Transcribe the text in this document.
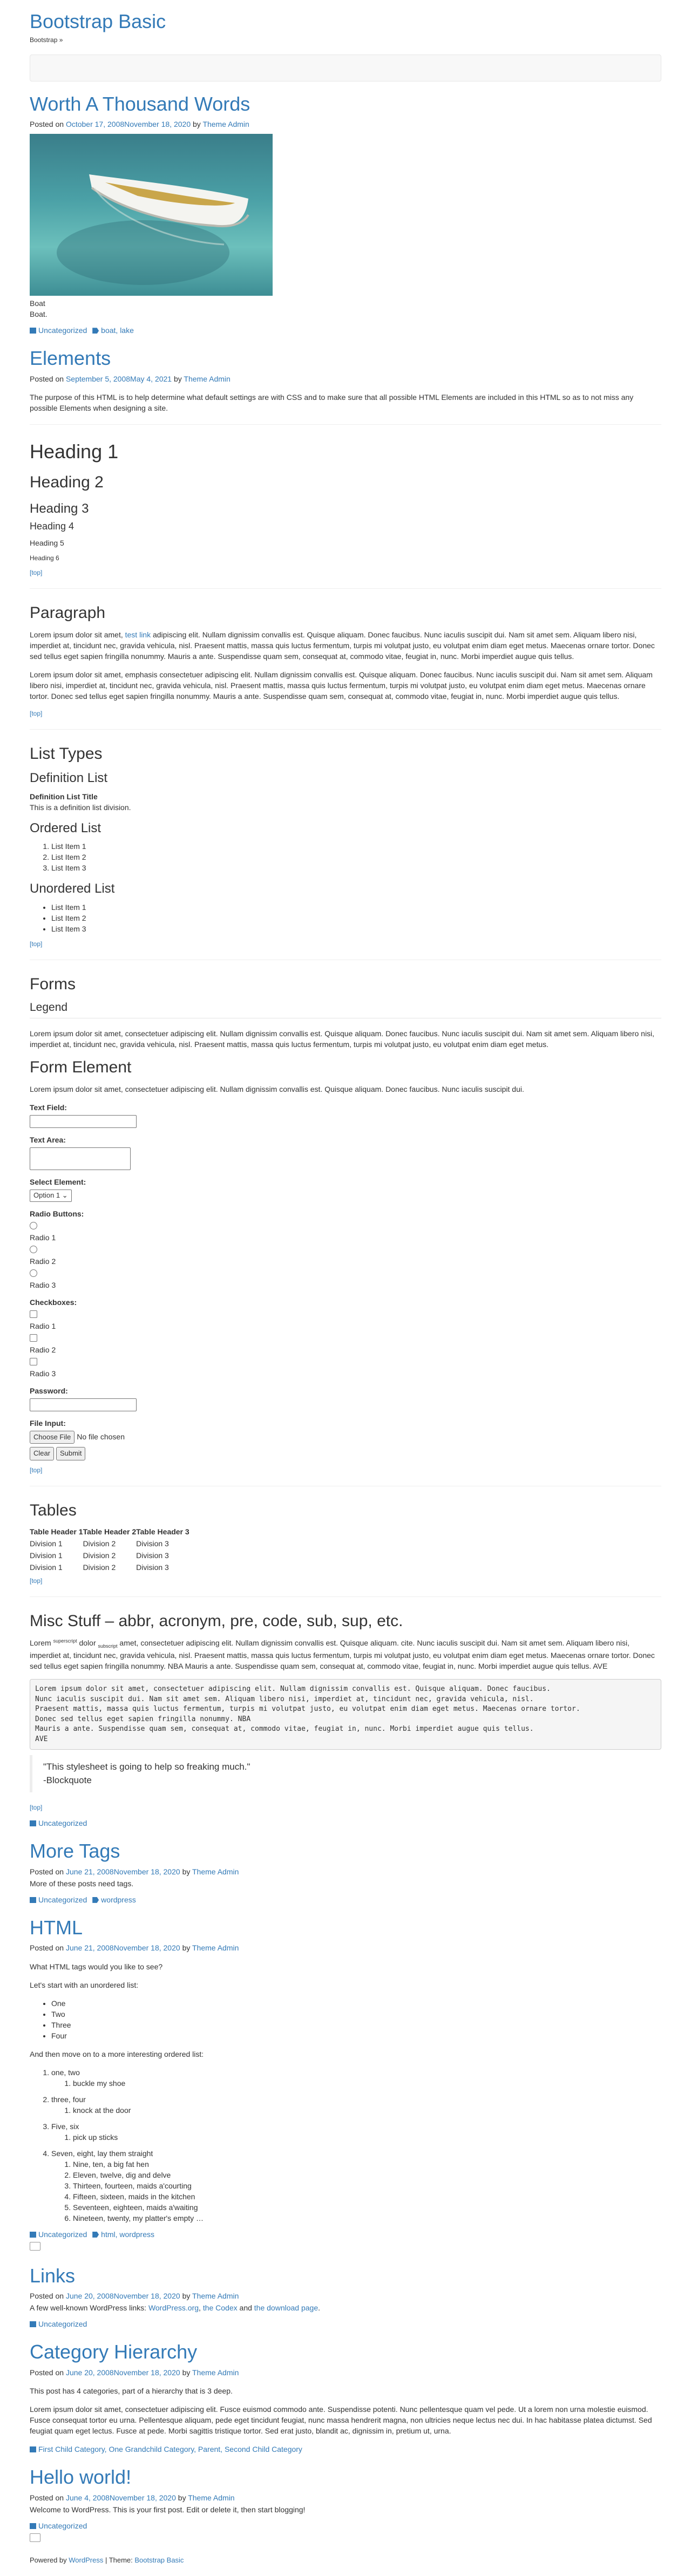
Bootstrap Basic
Bootstrap »
Worth A Thousand Words
Posted on October 17, 2008November 18, 2020 by Theme Admin
Boat
Boat.
Uncategorized boat, lake
Elements
Posted on September 5, 2008May 4, 2021 by Theme Admin

The purpose of this HTML is to help determine what default settings are with CSS and to make sure that all possible HTML Elements are included in this HTML so as to not miss any possible Elements when designing a site.

Heading 1
Heading 2
Heading 3
Heading 4
Heading 5
Heading 6
[top]
Paragraph

Lorem ipsum dolor sit amet, test link adipiscing elit. Nullam dignissim convallis est. Quisque aliquam. Donec faucibus. Nunc iaculis suscipit dui. Nam sit amet sem. Aliquam libero nisi, imperdiet at, tincidunt nec, gravida vehicula, nisl. Praesent mattis, massa quis luctus fermentum, turpis mi volutpat justo, eu volutpat enim diam eget metus. Maecenas ornare tortor. Donec sed tellus eget sapien fringilla nonummy. Mauris a ante. Suspendisse quam sem, consequat at, commodo vitae, feugiat in, nunc. Morbi imperdiet augue quis tellus.

Lorem ipsum dolor sit amet, emphasis consectetuer adipiscing elit. Nullam dignissim convallis est. Quisque aliquam. Donec faucibus. Nunc iaculis suscipit dui. Nam sit amet sem. Aliquam libero nisi, imperdiet at, tincidunt nec, gravida vehicula, nisl. Praesent mattis, massa quis luctus fermentum, turpis mi volutpat justo, eu volutpat enim diam eget metus. Maecenas ornare tortor. Donec sed tellus eget sapien fringilla nonummy. Mauris a ante. Suspendisse quam sem, consequat at, commodo vitae, feugiat in, nunc. Morbi imperdiet augue quis tellus.

[top]
List Types
Definition List
Definition List Title
This is a definition list division.
Ordered List
1. List Item 1
2. List Item 2
3. List Item 3
Unordered List
• List Item 1
• List Item 2
• List Item 3
[top]
Forms
Legend

Lorem ipsum dolor sit amet, consectetuer adipiscing elit. Nullam dignissim convallis est. Quisque aliquam. Donec faucibus. Nunc iaculis suscipit dui. Nam sit amet sem. Aliquam libero nisi, imperdiet at, tincidunt nec, gravida vehicula, nisl. Praesent mattis, massa quis luctus fermentum, turpis mi volutpat justo, eu volutpat enim diam eget metus.

Form Element

Lorem ipsum dolor sit amet, consectetuer adipiscing elit. Nullam dignissim convallis est. Quisque aliquam. Donec faucibus. Nunc iaculis suscipit dui.

Text Field:
Text Area:
Select Element:
Option 1 ⌄
Radio Buttons:

Radio 1

Radio 2

Radio 3
Checkboxes:

Radio 1

Radio 2

Radio 3
Password:
File Input:
Choose File No file chosen
Clear Submit
[top]
Tables
Table Header 1	Table Header 2	Table Header 3
Division 1	Division 2	Division 3
Division 1	Division 2	Division 3
Division 1	Division 2	Division 3
[top]
Misc Stuff – abbr, acronym, pre, code, sub, sup, etc.

Lorem $^{superscript}$ dolor $_{subscript}$ amet, consectetuer adipiscing elit. Nullam dignissim convallis est. Quisque aliquam. cite. Nunc iaculis suscipit dui. Nam sit amet sem. Aliquam libero nisi, imperdiet at, tincidunt nec, gravida vehicula, nisl. Praesent mattis, massa quis luctus fermentum, turpis mi volutpat justo, eu volutpat enim diam eget metus. Maecenas ornare tortor. Donec sed tellus eget sapien fringilla nonummy. NBA Mauris a ante. Suspendisse quam sem, consequat at, commodo vitae, feugiat in, nunc. Morbi imperdiet augue quis tellus. AVE

Lorem ipsum dolor sit amet, consectetuer adipiscing elit. Nullam dignissim convallis est. Quisque aliquam. Donec faucibus.
Nunc iaculis suscipit dui. Nam sit amet sem. Aliquam libero nisi, imperdiet at, tincidunt nec, gravida vehicula, nisl.
Praesent mattis, massa quis luctus fermentum, turpis mi volutpat justo, eu volutpat enim diam eget metus. Maecenas ornare tortor.
Donec sed tellus eget sapien fringilla nonummy. NBA
Mauris a ante. Suspendisse quam sem, consequat at, commodo vitae, feugiat in, nunc. Morbi imperdiet augue quis tellus.
AVE
"This stylesheet is going to help so freaking much."
-Blockquote
[top]
Uncategorized
More Tags
Posted on June 21, 2008November 18, 2020 by Theme Admin
More of these posts need tags.
Uncategorized wordpress
HTML
Posted on June 21, 2008November 18, 2020 by Theme Admin

What HTML tags would you like to see?

Let's start with an unordered list:

• One
• Two
• Three
• Four

And then move on to a more interesting ordered list:

1. one, two
1. buckle my shoe
2. three, four
1. knock at the door
3. Five, six
1. pick up sticks
4. Seven, eight, lay them straight
1. Nine, ten, a big fat hen
2. Eleven, twelve, dig and delve
3. Thirteen, fourteen, maids a'courting
4. Fifteen, sixteen, maids in the kitchen
5. Seventeen, eighteen, maids a'waiting
6. Nineteen, twenty, my platter's empty …
Uncategorized html, wordpress
Links
Posted on June 20, 2008November 18, 2020 by Theme Admin
A few well-known WordPress links: WordPress.org, the Codex and the download page.
Uncategorized
Category Hierarchy
Posted on June 20, 2008November 18, 2020 by Theme Admin

This post has 4 categories, part of a hierarchy that is 3 deep.

Lorem ipsum dolor sit amet, consectetuer adipiscing elit. Fusce euismod commodo ante. Suspendisse potenti. Nunc pellentesque quam vel pede. Ut a lorem non urna molestie euismod. Fusce consequat tortor eu urna. Pellentesque aliquam, pede eget tincidunt feugiat, nunc massa hendrerit magna, non ultricies neque lectus nec dui. In hac habitasse platea dictumst. Sed feugiat quam eget lectus. Fusce at pede. Morbi sagittis tristique tortor. Sed erat justo, blandit ac, dignissim in, pretium ut, urna.

First Child Category, One Grandchild Category, Parent, Second Child Category
Hello world!
Posted on June 4, 2008November 18, 2020 by Theme Admin
Welcome to WordPress. This is your first post. Edit or delete it, then start blogging!
Uncategorized
Powered by WordPress | Theme: Bootstrap Basic
